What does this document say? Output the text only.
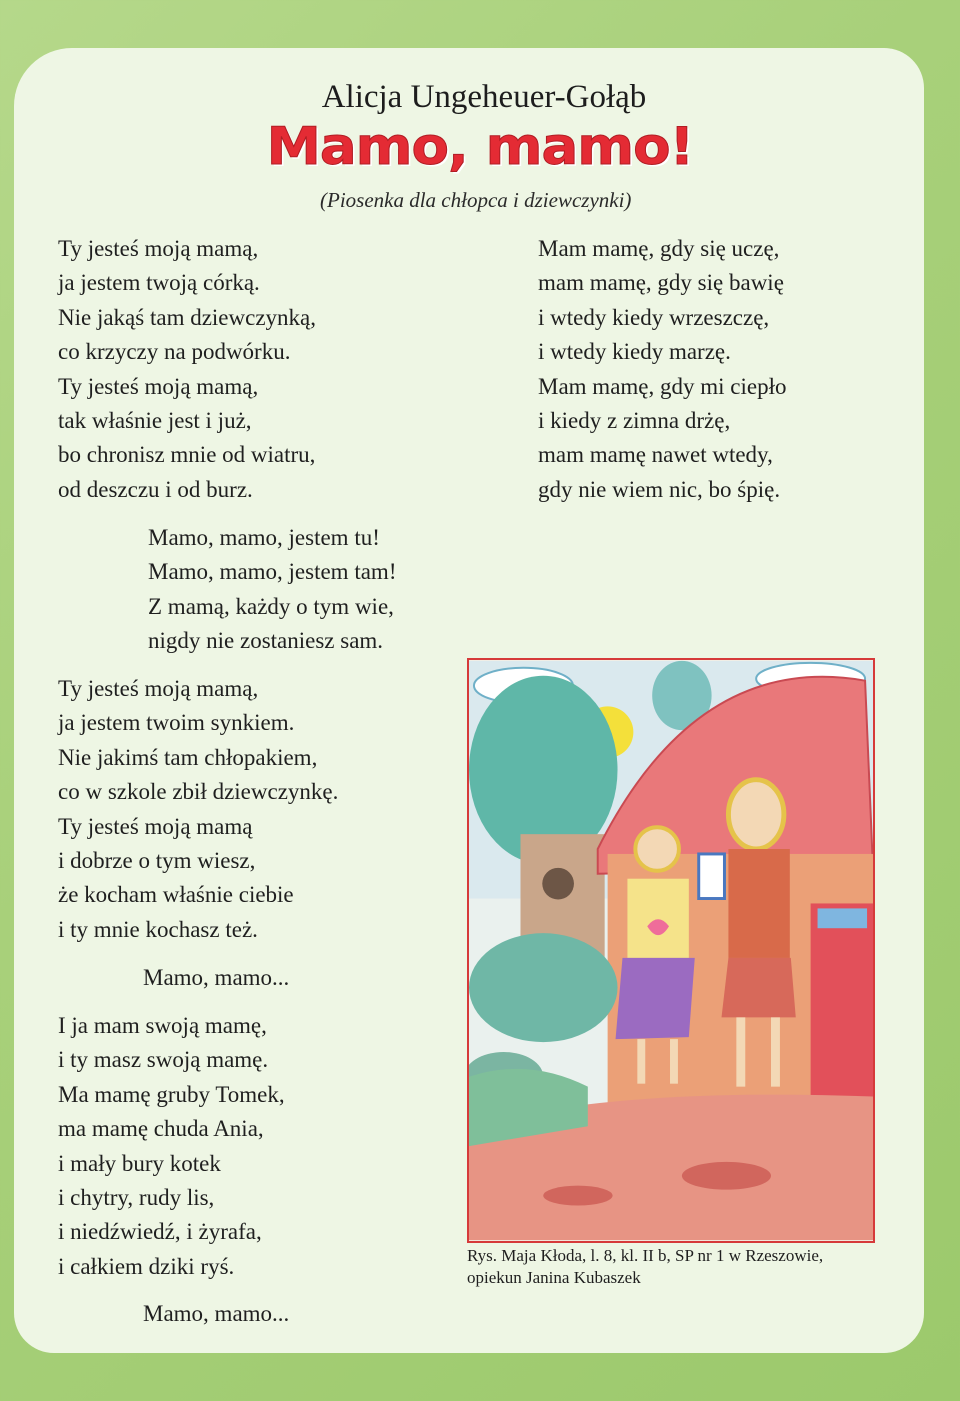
Alicja Ungeheuer-Gołąb
Mamo, mamo!
(Piosenka dla chłopca i dziewczynki)
Ty jesteś moją mamą,
ja jestem twoją córką.
Nie jakąś tam dziewczynką,
co krzyczy na podwórku.
Ty jesteś moją mamą,
tak właśnie jest i już,
bo chronisz mnie od wiatru,
od deszczu i od burz.
Mamo, mamo, jestem tu!
Mamo, mamo, jestem tam!
Z mamą, każdy o tym wie,
nigdy nie zostaniesz sam.
Ty jesteś moją mamą,
ja jestem twoim synkiem.
Nie jakimś tam chłopakiem,
co w szkole zbił dziewczynkę.
Ty jesteś moją mamą
i dobrze o tym wiesz,
że kocham właśnie ciebie
i ty mnie kochasz też.
Mamo, mamo...
I ja mam swoją mamę,
i ty masz swoją mamę.
Ma mamę gruby Tomek,
ma mamę chuda Ania,
i mały bury kotek
i chytry, rudy lis,
i niedźwiedź, i żyrafa,
i całkiem dziki ryś.
Mamo, mamo...
Mam mamę, gdy się uczę,
mam mamę, gdy się bawię
i wtedy kiedy wrzeszczę,
i wtedy kiedy marzę.
Mam mamę, gdy mi ciepło
i kiedy z zimna drżę,
mam mamę nawet wtedy,
gdy nie wiem nic, bo śpię.
Rys. Maja Kłoda, l. 8, kl. II b, SP nr 1 w Rzeszowie,
opiekun Janina Kubaszek
